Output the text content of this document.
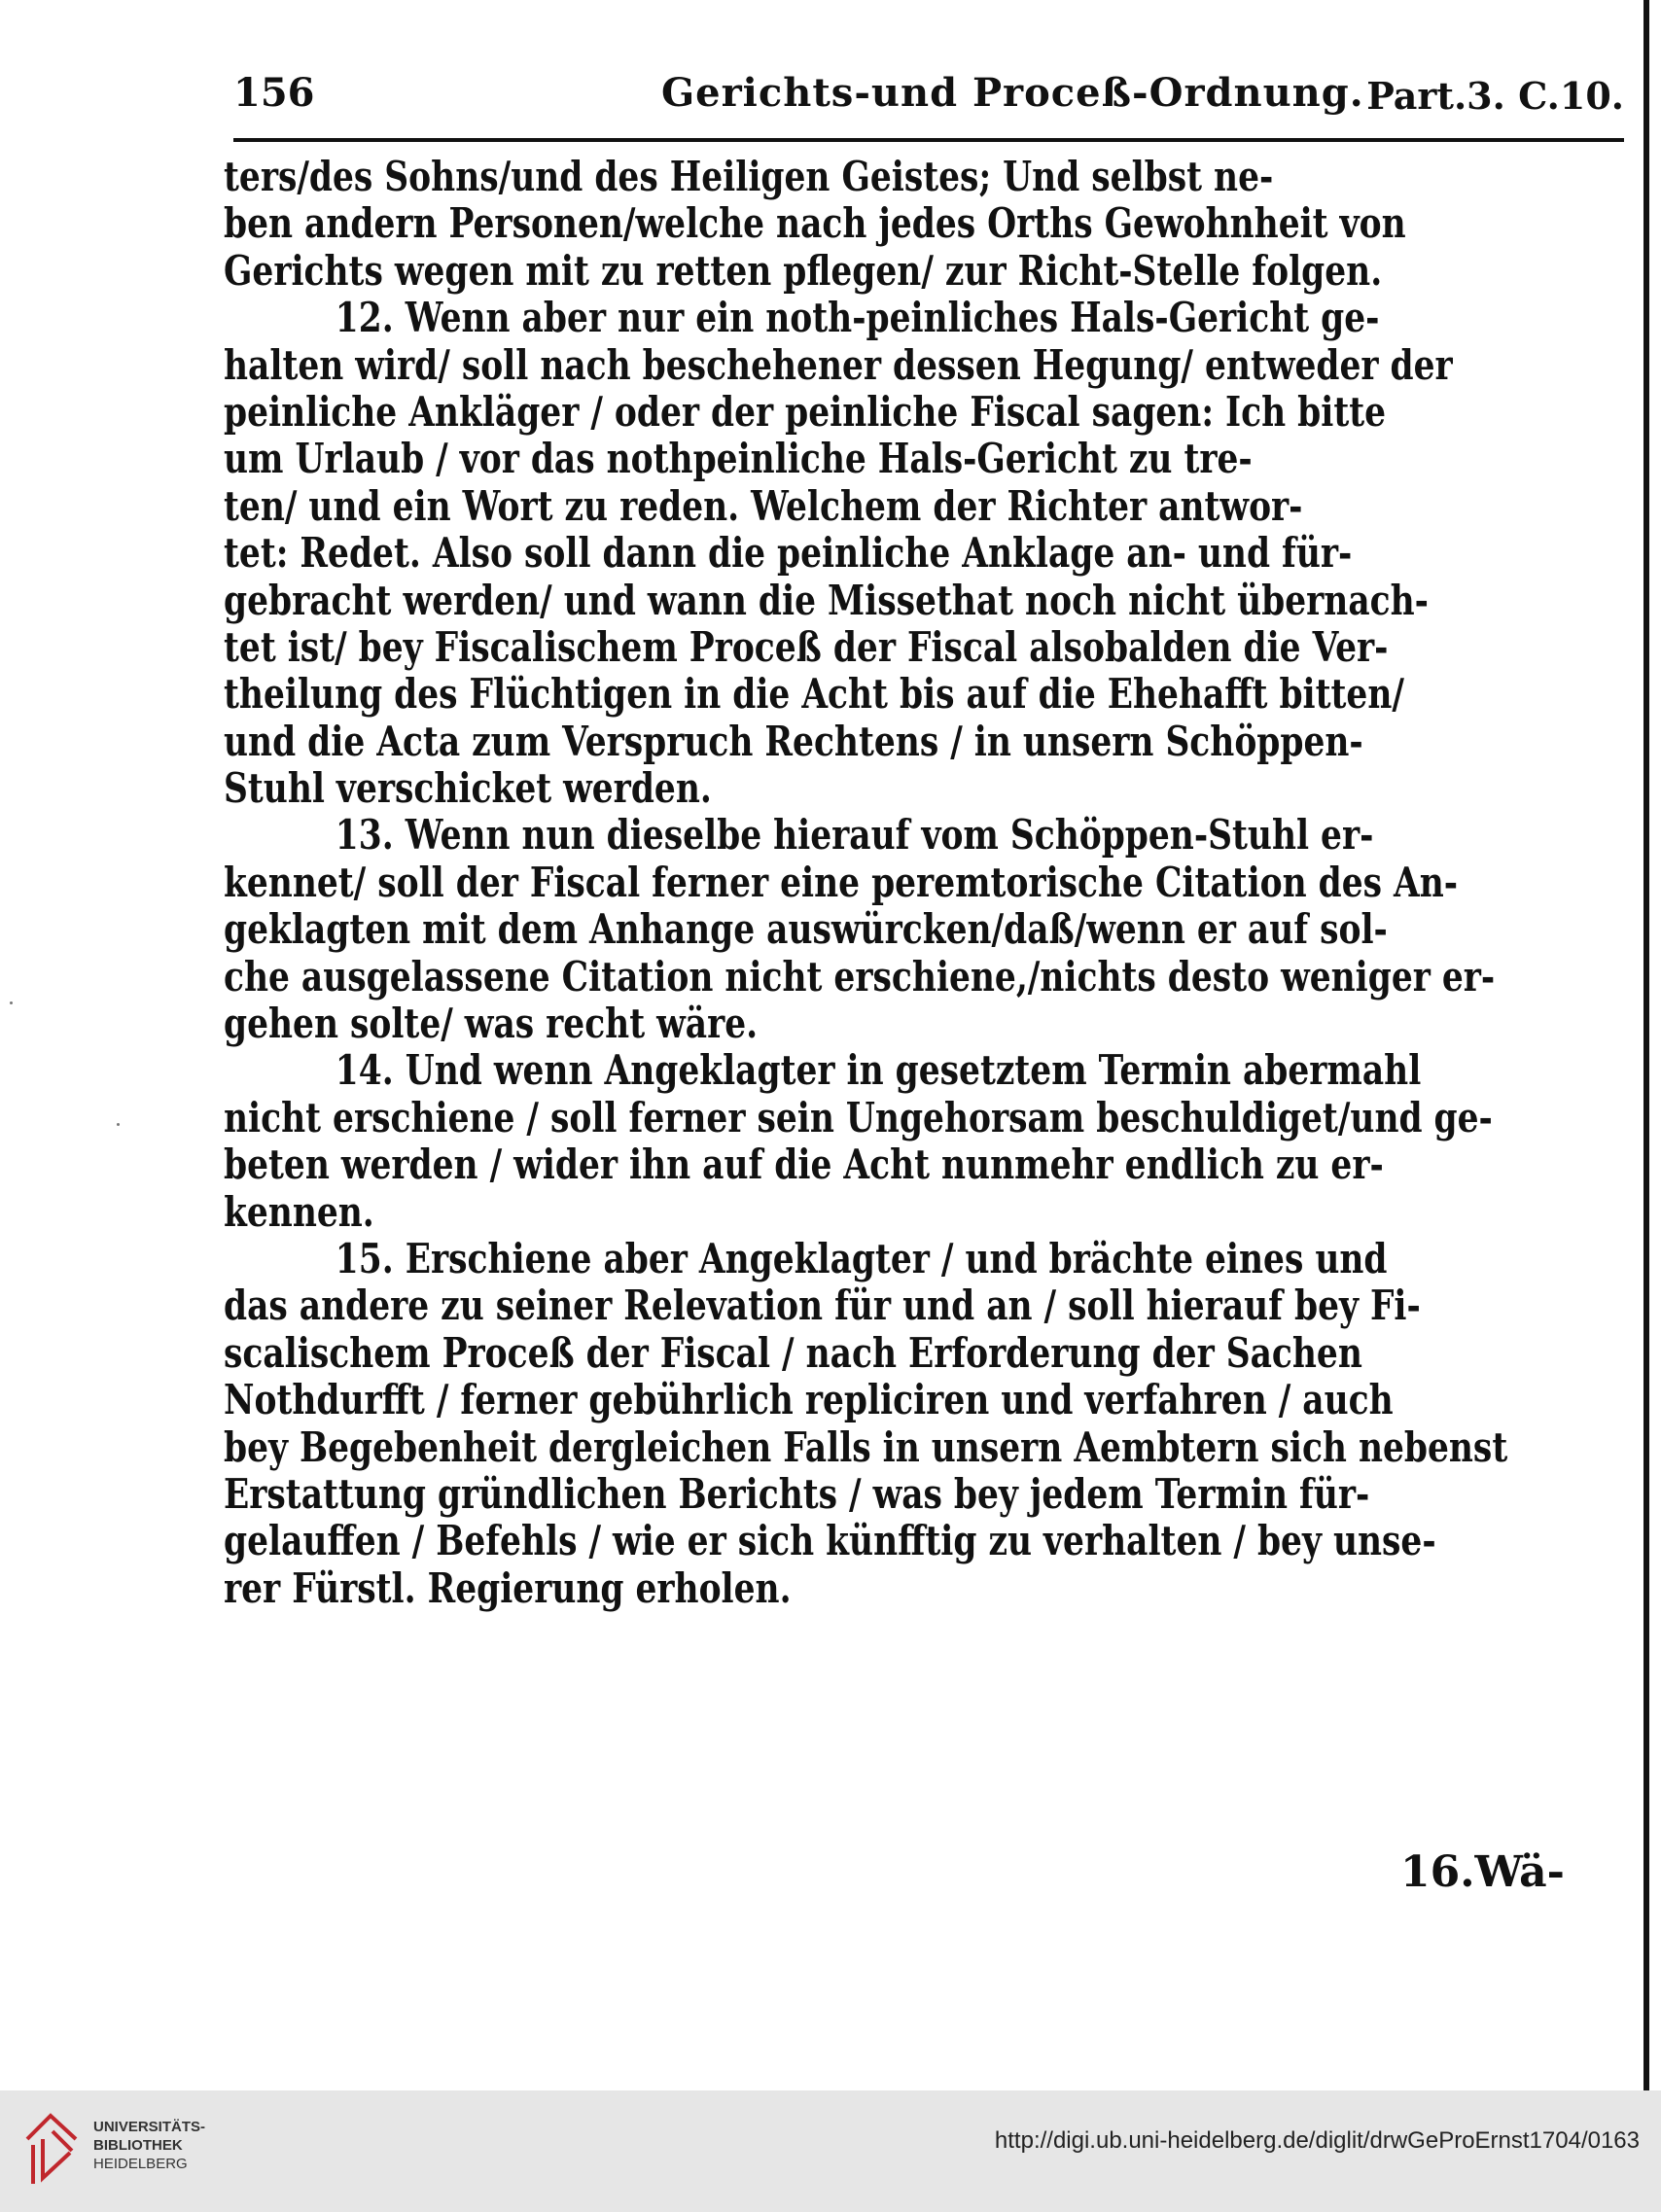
156	Gerichts-und Proceß-Ordnung. Part.3. C.10.
ters/des Sohns/und des Heiligen Geistes; Und selbst ne-
ben andern Personen/welche nach jedes Orths Gewohnheit von
Gerichts wegen mit zu retten pflegen/ zur Richt-Stelle folgen.
12. Wenn aber nur ein noth-peinliches Hals-Gericht ge-
halten wird/ soll nach beschehener dessen Hegung/ entweder der
peinliche Ankläger / oder der peinliche Fiscal sagen: Ich bitte
um Urlaub / vor das nothpeinliche Hals-Gericht zu tre-
ten/ und ein Wort zu reden. Welchem der Richter antwor-
tet: Redet. Also soll dann die peinliche Anklage an- und für-
gebracht werden/ und wann die Missethat noch nicht übernach-
tet ist/ bey Fiscalischem Proceß der Fiscal alsobalden die Ver-
theilung des Flüchtigen in die Acht bis auf die Ehehafft bitten/
und die Acta zum Verspruch Rechtens / in unsern Schöppen-
Stuhl verschicket werden.
13. Wenn nun dieselbe hierauf vom Schöppen-Stuhl er-
kennet/ soll der Fiscal ferner eine peremtorische Citation des An-
geklagten mit dem Anhange auswürcken/daß/wenn er auf sol-
che ausgelassene Citation nicht erschiene,/nichts desto weniger er-
gehen solte/ was recht wäre.
14. Und wenn Angeklagter in gesetztem Termin abermahl
nicht erschiene / soll ferner sein Ungehorsam beschuldiget/und ge-
beten werden / wider ihn auf die Acht nunmehr endlich zu er-
kennen.
15. Erschiene aber Angeklagter / und brächte eines und
das andere zu seiner Relevation für und an / soll hierauf bey Fi-
scalischem Proceß der Fiscal / nach Erforderung der Sachen
Nothdurfft / ferner gebührlich repliciren und verfahren / auch
bey Begebenheit dergleichen Falls in unsern Aembtern sich nebenst
Erstattung gründlichen Berichts / was bey jedem Termin für-
gelauffen / Befehls / wie er sich künfftig zu verhalten / bey unse-
rer Fürstl. Regierung erholen.
16.Wä-
UNIVERSITÄTS-
BIBLIOTHEK
HEIDELBERG
http://digi.ub.uni-heidelberg.de/diglit/drwGeProErnst1704/0163
